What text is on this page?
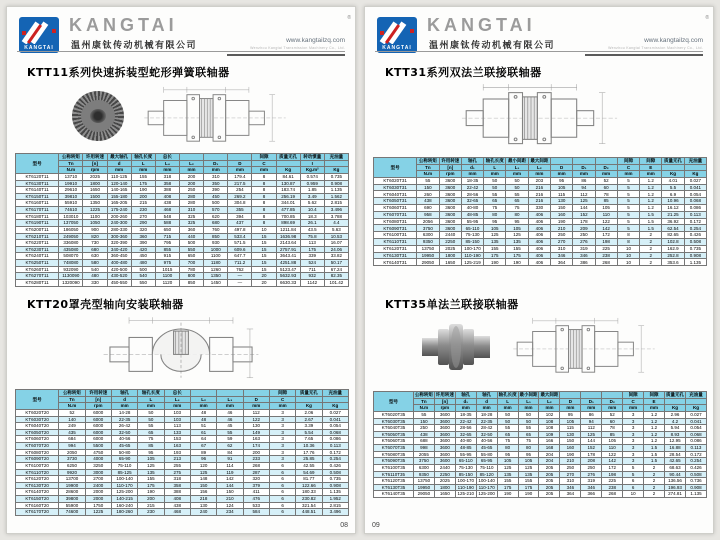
KANGTAI
®
KANGTAI
温州康钛传动机械有限公司	www.kangtailzq.com
Wenzhou Kangtai Transmission Machinery Co., Ltd.
KTT11系列快速拆装型蛇形弹簧联轴器
型号	公称转矩	许用转速	最大轴孔	轴孔长度	总长				间隙	质量无孔	转动惯量	充油量
	Tn	[n]	d	L	L₄	L₂	D₁	D	C		I	
	N.m	rpm	mm	mm	mm	mm	mm	mm	mm	Kg	Kg.m²	Kg
KT6120T11	13710	2025	110-125	155	318	200	310	179.4	8	84.61	0.574	0.735
KT6130T11	19910	1800	120-140	175	358	200	350	217.5	8	130.87	0.959	0.908
KT6140T11	29610	1650	140-165	190	388	250	390	254	8	183.74	1.85	1.135
KT6150T11	39810	1500	155-180	200	408	280	450	269.2	8	256.19	3.49	1.562
KT6160T11	55910	1350	165-205	215	438	280	500	304.8	8	344.01	5.62	2.815
KT6170T11	74610	1225	175-240	230	468	310	570	355	8	477.85	10.4	3.496
KT6180T11	103010	1100	200-260	270	548	325	620	394	8	700.85	18.3	3.788
KT6190T11	137050	1050	240-300	290	588	325	680	437	8	898.69	26.1	4.4
KT6200T11	186050	900	280-330	320	650	360	760	497.8	10	1211.84	43.5	5.63
KT6210T11	249050	820	300-360	360	715	440	850	533.4	15	1636.98	75.8	10.53
KT6220T11	336080	730	320-390	390	795	500	930	571.5	15	2143.64	113	16.07
KT6230T11	435080	680	340-420	420	855	550	1000	609.6	15	2757.91	175	24.06
KT6240T11	508070	630	360-450	450	915	650	1100	647.7	15	3643.41	339	33.82
KT6250T11	748080	580	400-480	480	975	700	1180	711.2	15	4251.88	524	50.17
KT6260T11	932090	540	420-500	500	1015	780	1260	762	15	5123.47	711	67.24
KT6270T11	1130090	480	430-520	540	1100	800	1350	—	20	5632.93	932	82.35
KT6280T11	1320090	330	450-550	550	1120	850	1450	—	20	6630.33	1142	101.42
KTT20罩壳型轴向安装联轴器
型号	公称转矩	许用转速	轴孔	轴孔长度	总长				间隙	质量无孔	充油量
	Tn	[n]	d	L	L₄	L₂	L₃	D	C		
	N.m	rpm	mm	mm	mm	mm	mm	mm	mm	Kg	Kg
KT6020T20	52	6000	14-28	50	103	48	46	112	3	2.06	0.027
KT6030T20	140	6000	22-35	50	103	48	46	122	3	2.67	0.041
KT6040T20	249	6000	26-42	55	113	51	45	130	3	3.39	0.054
KT6050T20	435	6000	32-50	65	133	61	55	149	3	5.54	0.068
KT6060T20	684	6000	40-56	75	153	64	59	163	3	7.65	0.086
KT6070T20	994	5500	45-65	85	163	67	62	174	3	10.36	0.113
KT6080T20	2050	4750	50-80	95	193	89	84	200	3	17.76	0.172
KT6090T20	3730	4000	65-90	105	213	96	91	233	3	25.85	0.254
KT6100T20	6250	3250	75-110	125	255	120	114	268	6	42.55	0.426
KT6110T20	9920	3000	85-125	135	275	125	119	287	6	54.69	0.508
KT6120T20	13700	2700	100-140	155	318	148	142	320	6	81.77	0.735
KT6130T20	19900	2400	110-170	175	358	150	144	379	6	122.66	0.908
KT6140T20	28600	2000	125-200	190	388	156	150	411	6	180.33	1.135
KT6150T20	39800	2000	140-215	200	408	218	210	476	6	230.82	1.952
KT6160T20	55900	1750	160-240	215	438	130	124	533	6	321.54	2.815
KT6170T20	74600	1225	180-260	230	468	240	234	584	6	448.51	3.496
08
KANGTAI
®
KANGTAI
温州康钛传动机械有限公司	www.kangtailzq.com
Wenzhou Kangtai Transmission Machinery Co., Ltd.
KTT31系列双法兰联接联轴器
型号	公称转矩	许用转速	轴孔	轴孔长度	最小间距	最大间距				间隙	间隙	质量无孔	充油量
	Tn	[n]	d₁	L	L₁	L₂	D	D₁	D₂	C	E		
	N.m	rpm	mm	mm	mm	mm	mm	mm	mm	mm	mm	Kg	Kg
KT6020T31	55	3600	18-35	50	50	203	95	86	52	5	1.2	4.01	0.027
KT6030T31	150	3600	22-42	50	50	216	105	94	60	5	1.2	5.5	0.041
KT6040T31	260	3600	28-56	55	55	216	115	112	78	5	1.2	6.9	0.054
KT6050T31	438	3600	32-65	65	65	216	130	125	85	5	1.2	10.96	0.068
KT6060T31	690	3600	40-80	75	75	330	150	144	105	5	1.2	16.12	0.086
KT6070T31	958	3600	48-85	80	80	406	160	152	110	5	1.5	21.25	0.113
KT6080T31	2056	3600	55-95	95	95	406	190	178	122	5	1.5	36.92	0.172
KT6090T31	3750	3600	65-110	105	105	406	210	209	142	5	1.5	62.54	0.254
KT6100T31	6300	2440	75-130	125	125	406	250	250	172	8	2	82.65	0.426
KT6110T31	9350	2250	85-150	135	135	406	270	276	198	8	2	102.8	0.508
KT6120T31	13750	2025	100-170	155	155	406	310	319	225	10	2	162.9	0.735
KT6130T31	19950	1800	110-190	175	175	406	346	346	238	10	2	252.8	0.908
KT6140T31	29050	1650	125-219	190	190	406	364	386	268	10	2	353.6	1.135
KTT35单法兰联接联轴器
型号	公称转矩	许用转速	轴孔	轴孔	轴孔长度	最小间距	最大间距				间隙	间隙	质量无孔	充油量
	Tn	[n]	d₁	d	L	L₁	L₂	D	D₁	D₂	C	E		
	N.m	rpm	mm	mm	mm	mm	mm	mm	mm	mm	mm	mm	Kg	Kg
KT6020T35	55	3600	18-35	18-28	50	50	102	95	86	52	3	1.2	2.96	0.027
KT6030T35	150	3600	22-42	22-35	50	50	108	105	94	60	3	1.2	4.2	0.041
KT6040T35	250	3600	28-56	28-42	55	55	108	115	112	78	3	1.2	5.94	0.054
KT6050T35	438	3600	32-65	32-50	65	65	109	130	125	85	3	1.2	8.93	0.068
KT6060T35	688	3600	40-80	40-56	75	75	166	150	144	105	3	1.2	12.95	0.086
KT6070T35	998	3600	48-85	45-65	80	80	168	160	152	110	3	1.5	16.88	0.113
KT6080T35	2055	3600	55-95	55-80	95	95	204	190	178	122	3	1.5	28.54	0.172
KT6090T35	3750	3600	65-110	65-95	105	105	204	210	208	142	3	1.5	42.65	0.254
KT6100T35	6300	2440	75-130	75-110	125	125	205	250	250	172	5	2	68.63	0.426
KT6110T35	9350	2250	85-150	85-120	135	135	205	270	276	198	5	2	90.44	0.508
KT6120T35	13750	2025	100-170	100-140	155	155	205	310	319	225	6	2	136.56	0.736
KT6130T35	19950	1800	110-190	110-170	175	175	205	346	346	238	6	2	196.93	0.908
KT6140T35	29050	1650	125-210	125-200	190	190	205	364	366	268	10	2	274.81	1.135
09
